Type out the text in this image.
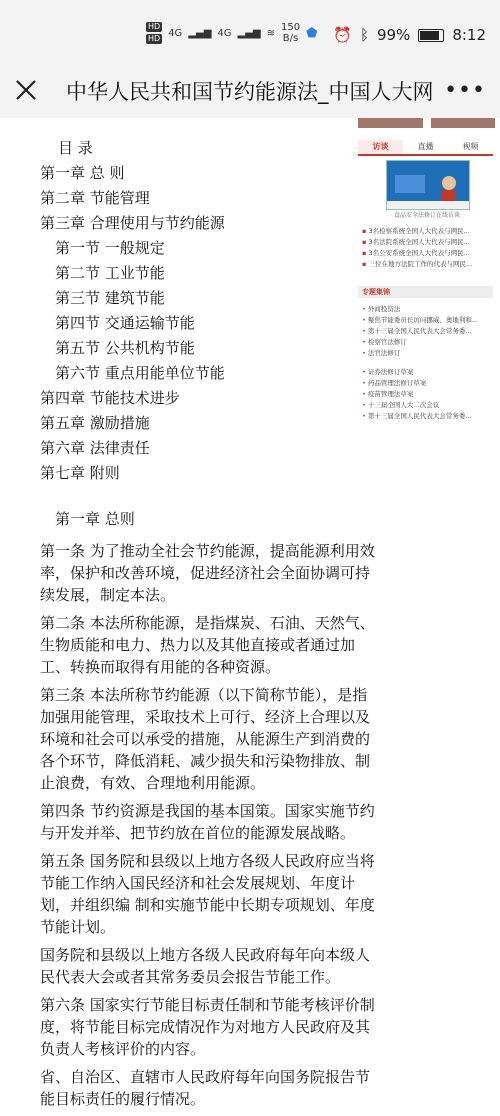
HD
HD 4G ▂▄▆ 4G ▂▄▆ ≋ 150
B/s ⬟ ⏰ ᛒ 99%	8:12
中华人民共和国节约能源法_中国人大网 •••
访谈	直播	视频
食品安全法修订在线访谈
▪ 3名检察系统全国人大代表与网民...
▪ 3名法院系统全国人大代表与网民...
▪ 3名公安系统全国人大代表与网民...
▪ 三位在地方法院工作的代表与网民...
专题集锦
• 外商投资法
• 聚焦节能委员长访问挪威、奥地利和...
• 第十三届全国人民代表大会常务委...
• 检察官法修订
• 法官法修订
• 证券法修订草案
• 药品管理法修订草案
• 疫苗管理法草案
• 十三届全国人大二次会议
• 第十三届全国人民代表大会常务委...
目 录
第一章 总 则
第二章 节能管理
第三章 合理使用与节约能源
第一节 一般规定
第二节 工业节能
第三节 建筑节能
第四节 交通运输节能
第五节 公共机构节能
第六节 重点用能单位节能
第四章 节能技术进步
第五章 激励措施
第六章 法律责任
第七章 附则

第一章 总则

第一条 为了推动全社会节约能源，提高能源利用效率，保护和改善环境，促进经济社会全面协调可持续发展，制定本法。

第二条 本法所称能源，是指煤炭、石油、天然气、生物质能和电力、热力以及其他直接或者通过加工、转换而取得有用能的各种资源。

第三条 本法所称节约能源（以下简称节能），是指加强用能管理，采取技术上可行、经济上合理以及环境和社会可以承受的措施，从能源生产到消费的各个环节，降低消耗、减少损失和污染物排放、制止浪费，有效、合理地利用能源。

第四条 节约资源是我国的基本国策。国家实施节约与开发并举、把节约放在首位的能源发展战略。

第五条 国务院和县级以上地方各级人民政府应当将节能工作纳入国民经济和社会发展规划、年度计划，并组织编 制和实施节能中长期专项规划、年度节能计划。

国务院和县级以上地方各级人民政府每年向本级人民代表大会或者其常务委员会报告节能工作。

第六条 国家实行节能目标责任制和节能考核评价制度，将节能目标完成情况作为对地方人民政府及其负责人考核评价的内容。

省、自治区、直辖市人民政府每年向国务院报告节能目标责任的履行情况。
